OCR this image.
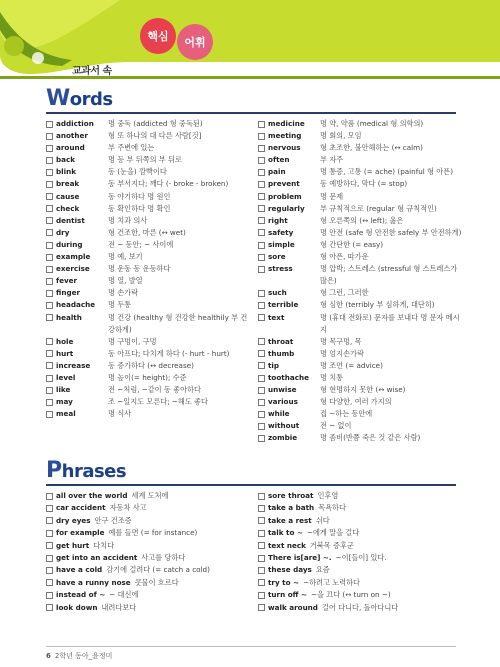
교과서 속
핵심	어휘
Words
addiction	명 중독 (addicted 형 중독된)
another	형 또 하나의 대 다른 사람[것]
around	부 주변에 있는
back	명 등 부 뒤쪽의 부 뒤로
blink	동 (눈을) 깜빡이다
break	동 부서지다; 깨다 (- broke - broken)
cause	동 야기하다 명 원인
check	동 확인하다 명 확인
dentist	명 치과 의사
dry	형 건조한, 마른 (↔ wet)
during	전 ~ 동안; ~ 사이에
example	명 예, 보기
exercise	명 운동 동 운동하다
fever	명 열, 발열
finger	명 손가락
headache	명 두통
health	명 건강 (healthy 형 건강한 healthily 부 건강하게)
hole	명 구멍이, 구멍
hurt	동 아프다; 다치게 하다 (- hurt - hurt)
increase	동 증가하다 (↔ decrease)
level	명 높이(= height); 수준
like	전 ~처럼, ~같이 동 좋아하다
may	조 ~일지도 모른다; ~해도 좋다
meal	명 식사
medicine	명 약, 약품 (medical 형 의학의)
meeting	명 회의, 모임
nervous	형 초조한, 불안해하는 (↔ calm)
often	부 자주
pain	명 통증, 고통 (= ache) (painful 형 아픈)
prevent	동 예방하다, 막다 (= stop)
problem	명 문제
regularly	부 규칙적으로 (regular 형 규칙적인)
right	형 오른쪽의 (↔ left); 옳은
safety	명 안전 (safe 형 안전한 safely 부 안전하게)
simple	형 간단한 (= easy)
sore	형 아픈, 따가운
stress	명 압박; 스트레스 (stressful 형 스트레스가 많은)
such	형 그런, 그러한
terrible	형 심한 (terribly 부 심하게, 대단히)
text	명 (휴대 전화로) 문자를 보내다 명 문자 메시지
throat	명 목구멍, 목
thumb	명 엄지손가락
tip	명 조언 (= advice)
toothache	명 치통
unwise	형 현명하지 못한 (↔ wise)
various	형 다양한, 여러 가지의
while	접 ~하는 동안에
without	전 ~ 없이
zombie	명 좀비(반쯤 죽은 것 같은 사람)
Phrases
all over the world 세계 도처에
car accident 자동차 사고
dry eyes 안구 건조증
for example 예를 들면 (= for instance)
get hurt 다치다
get into an accident 사고를 당하다
have a cold 감기에 걸려다 (= catch a cold)
have a runny nose 콧물이 흐르다
instead of ~ ~ 대신에
look down 내려다보다
sore throat 인후염
take a bath 목욕하다
take a rest 쉬다
talk to ~ ~에게 말을 걸다
text neck 거북목 증후군
There is[are] ~. ~이[들이] 있다.
these days 요즘
try to ~ ~하려고 노력하다
turn off ~ ~을 끄다 (↔ turn on ~)
walk around 걸어 다니다, 돌아다니다
6 2학년 동아_윤정미
